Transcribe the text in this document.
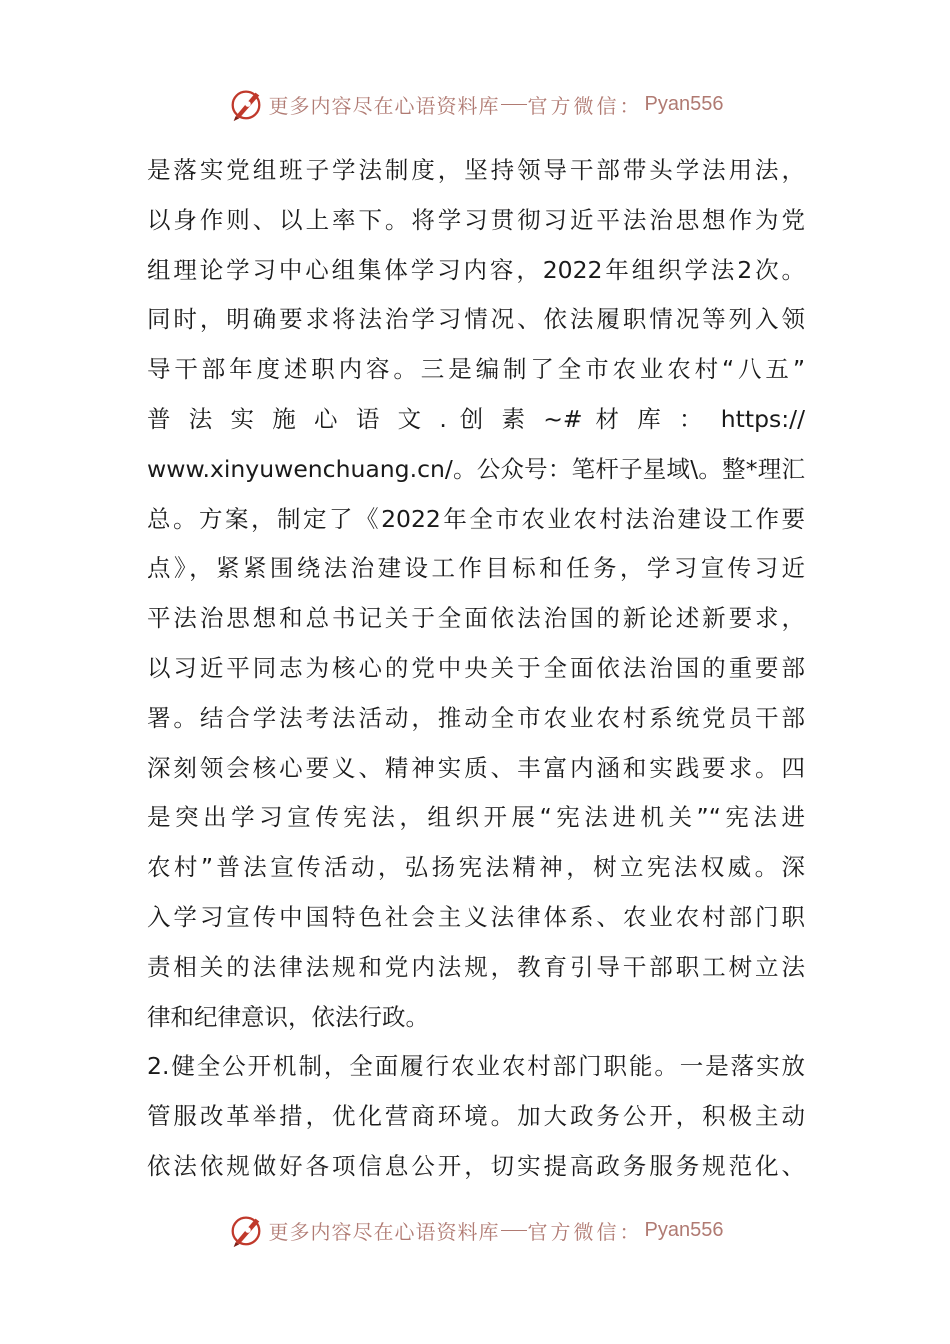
更多内容尽在心语资料库 官方微信： Pyan556
是落实党组班子学法制度，坚持领导干部带头学法用法，
以身作则、以上率下。将学习贯彻习近平法治思想作为党
组理论学习中心组集体学习内容，2022年组织学法2次。
同时，明确要求将法治学习情况、依法履职情况等列入领
导干部年度述职内容。三是编制了全市农业农村“八五”
普 法 实 施 心 语 文 . 创 素 ~# 材 库 ： https://
www.xinyuwenchuang.cn/。公众号：笔杆子星域\。整*理汇
总。方案，制定了《2022年全市农业农村法治建设工作要
点》，紧紧围绕法治建设工作目标和任务，学习宣传习近
平法治思想和总书记关于全面依法治国的新论述新要求，
以习近平同志为核心的党中央关于全面依法治国的重要部
署。结合学法考法活动，推动全市农业农村系统党员干部
深刻领会核心要义、精神实质、丰富内涵和实践要求。四
是突出学习宣传宪法，组织开展“宪法进机关”“宪法进
农村”普法宣传活动，弘扬宪法精神，树立宪法权威。深
入学习宣传中国特色社会主义法律体系、农业农村部门职
责相关的法律法规和党内法规，教育引导干部职工树立法
律和纪律意识，依法行政。
2.健全公开机制，全面履行农业农村部门职能。一是落实放
管服改革举措，优化营商环境。加大政务公开，积极主动
依法依规做好各项信息公开，切实提高政务服务规范化、
更多内容尽在心语资料库 官方微信： Pyan556
